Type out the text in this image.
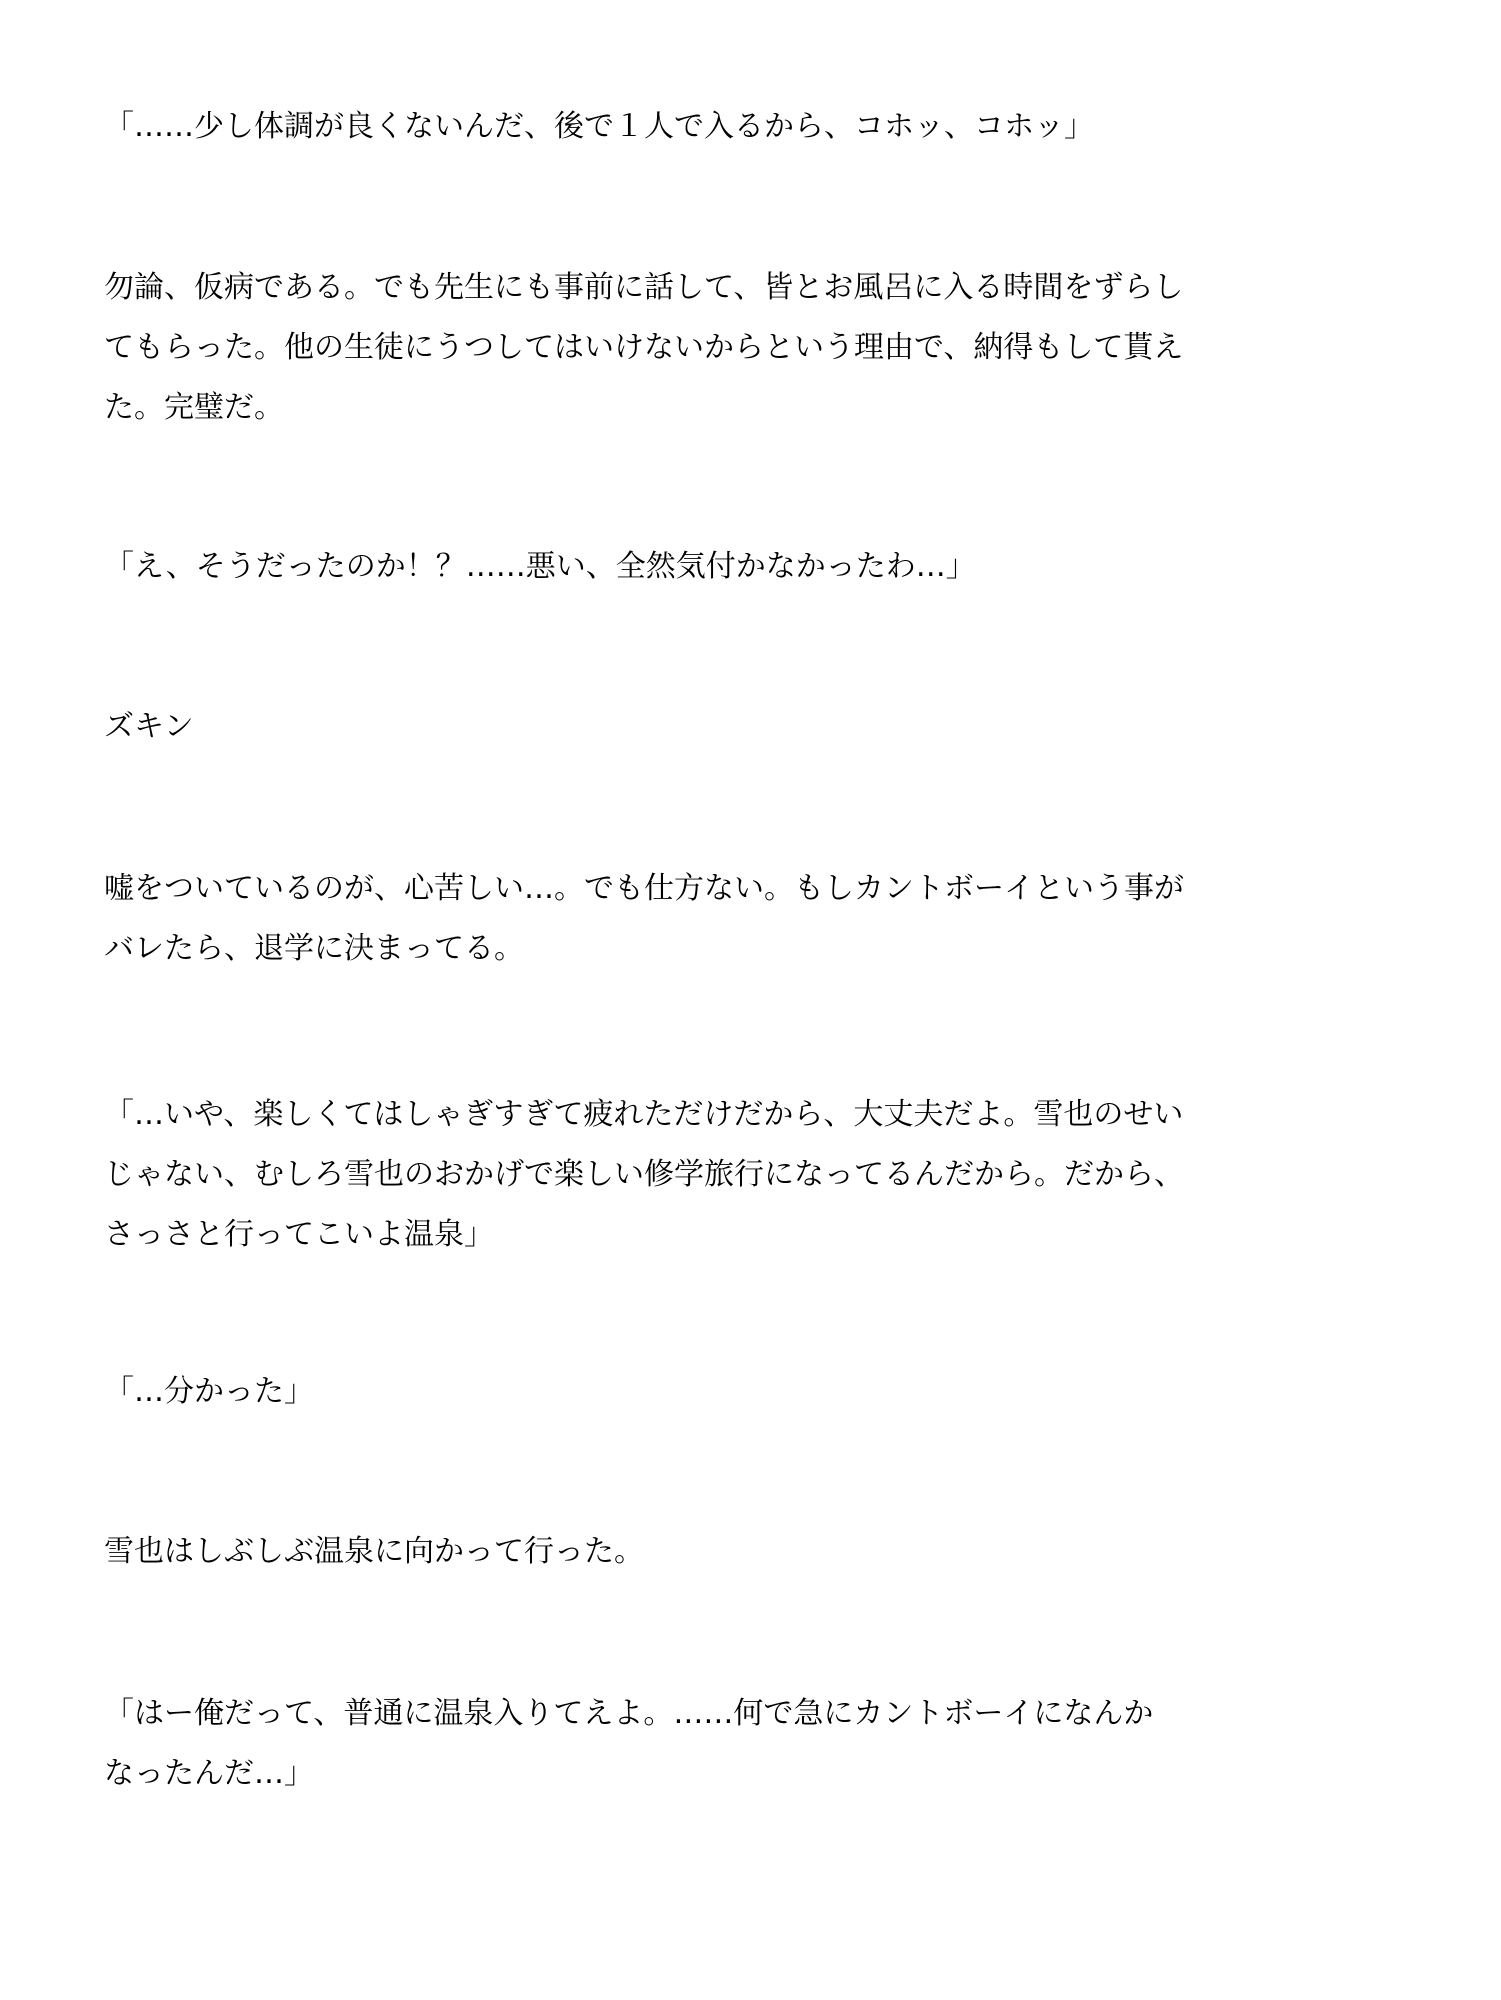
「……少し体調が良くないんだ、後で１人で入るから、コホッ、コホッ」

勿論、仮病である。でも先生にも事前に話して、皆とお風呂に入る時間をずらし
てもらった。他の生徒にうつしてはいけないからという理由で、納得もして貰え
た。完璧だ。

「え、そうだったのか！？……悪い、全然気付かなかったわ…」

ズキン

嘘をついているのが、心苦しい…。でも仕方ない。もしカントボーイという事が
バレたら、退学に決まってる。

「…いや、楽しくてはしゃぎすぎて疲れただけだから、大丈夫だよ。雪也のせい
じゃない、むしろ雪也のおかげで楽しい修学旅行になってるんだから。だから、
さっさと行ってこいよ温泉」

「…分かった」

雪也はしぶしぶ温泉に向かって行った。

「はー俺だって、普通に温泉入りてえよ。……何で急にカントボーイになんか
なったんだ…」
